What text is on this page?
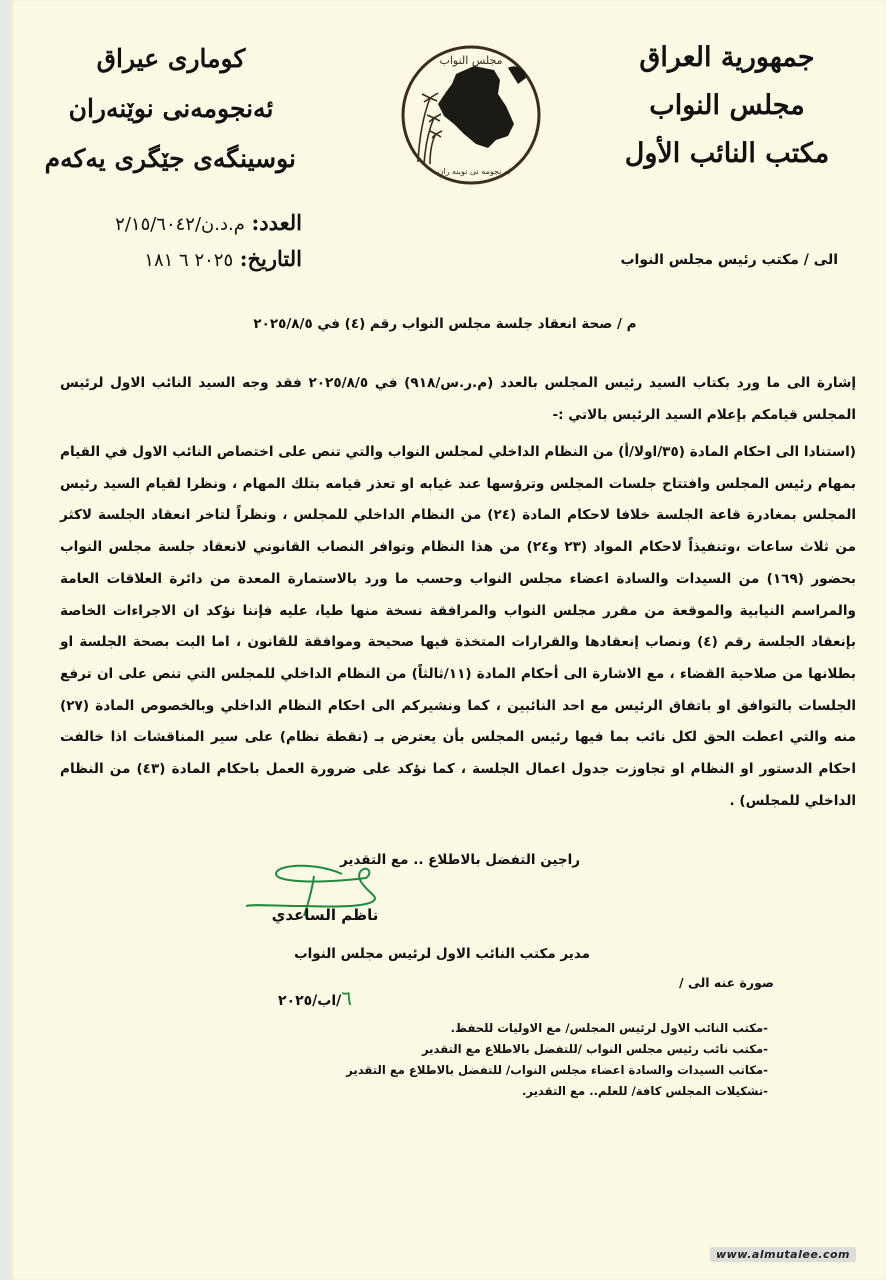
جمهورية العراق
مجلس النواب
مكتب النائب الأول
مجلس النواب
ئه نجومه نی نوینه ران
کوماری عیراق
ئەنجومەنی نوێنەران
نوسینگەی جێگری یەکەم
العدد: م.د.ن/٢/١٥/٦٠٤٢
التاريخ: ٢٠٢٥ ٦ ١٨١	الى / مكتب رئيس مجلس النواب
م / صحة انعقاد جلسة مجلس النواب رقم (٤) في ٢٠٢٥/٨/٥

إشارة الى ما ورد بكتاب السيد رئيس المجلس بالعدد (م.ر.س/٩١٨) في ٢٠٢٥/٨/٥ فقد وجه السيد النائب الاول لرئيس المجلس قيامكم بإعلام السيد الرئيس بالاتي :-

(استنادا الى احكام المادة (٣٥/اولا/أ) من النظام الداخلي لمجلس النواب والتي تنص على اختصاص النائب الاول في القيام بمهام رئيس المجلس وافتتاح جلسات المجلس وترؤسها عند غيابه او تعذر قيامه بتلك المهام ، ونظرا لقيام السيد رئيس المجلس بمغادرة قاعة الجلسة خلافا لاحكام المادة (٢٤) من النظام الداخلي للمجلس ، ونظراً لتاخر انعقاد الجلسة لاكثر من ثلاث ساعات ،وتنفيذاً لاحكام المواد (٢٣ و٢٤) من هذا النظام وتوافر النصاب القانوني لانعقاد جلسة مجلس النواب بحضور (١٦٩) من السيدات والسادة اعضاء مجلس النواب وحسب ما ورد بالاستمارة المعدة من دائرة العلاقات العامة والمراسم النيابية والموقعة من مقرر مجلس النواب والمرافقة نسخة منها طيا، عليه فإننا نؤكد ان الاجراءات الخاصة بإنعقاد الجلسة رقم (٤) ونصاب إنعقادها والقرارات المتخذة فيها صحيحة وموافقة للقانون ، اما البت بصحة الجلسة او بطلانها من صلاحية القضاء ، مع الاشارة الى أحكام المادة (١١/ثالثاً) من النظام الداخلي للمجلس التي تنص على ان ترفع الجلسات بالتوافق او باتفاق الرئيس مع احد النائبين ، كما ونشيركم الى احكام النظام الداخلي وبالخصوص المادة (٢٧) منه والتي اعطت الحق لكل نائب بما فيها رئيس المجلس بأن يعترض بـ (نقطة نظام) على سير المناقشات اذا خالفت احكام الدستور او النظام او تجاوزت جدول اعمال الجلسة ، كما نؤكد على ضرورة العمل باحكام المادة (٤٣) من النظام الداخلي للمجلس) .

راجين التفضل بالاطلاع .. مع التقدير
ناظم الساعدي
مدير مكتب النائب الاول لرئيس مجلس النواب
٦/اب/٢٠٢٥
صورة عنه الى /
-مكتب النائب الاول لرئيس المجلس/ مع الاوليات للحفظ.
-مكتب نائب رئيس مجلس النواب /للتفضل بالاطلاع مع التقدير
-مكاتب السيدات والسادة اعضاء مجلس النواب/ للتفضل بالاطلاع مع التقدير
-تشكيلات المجلس كافة/ للعلم.. مع التقدير.
www.almutalee.com
